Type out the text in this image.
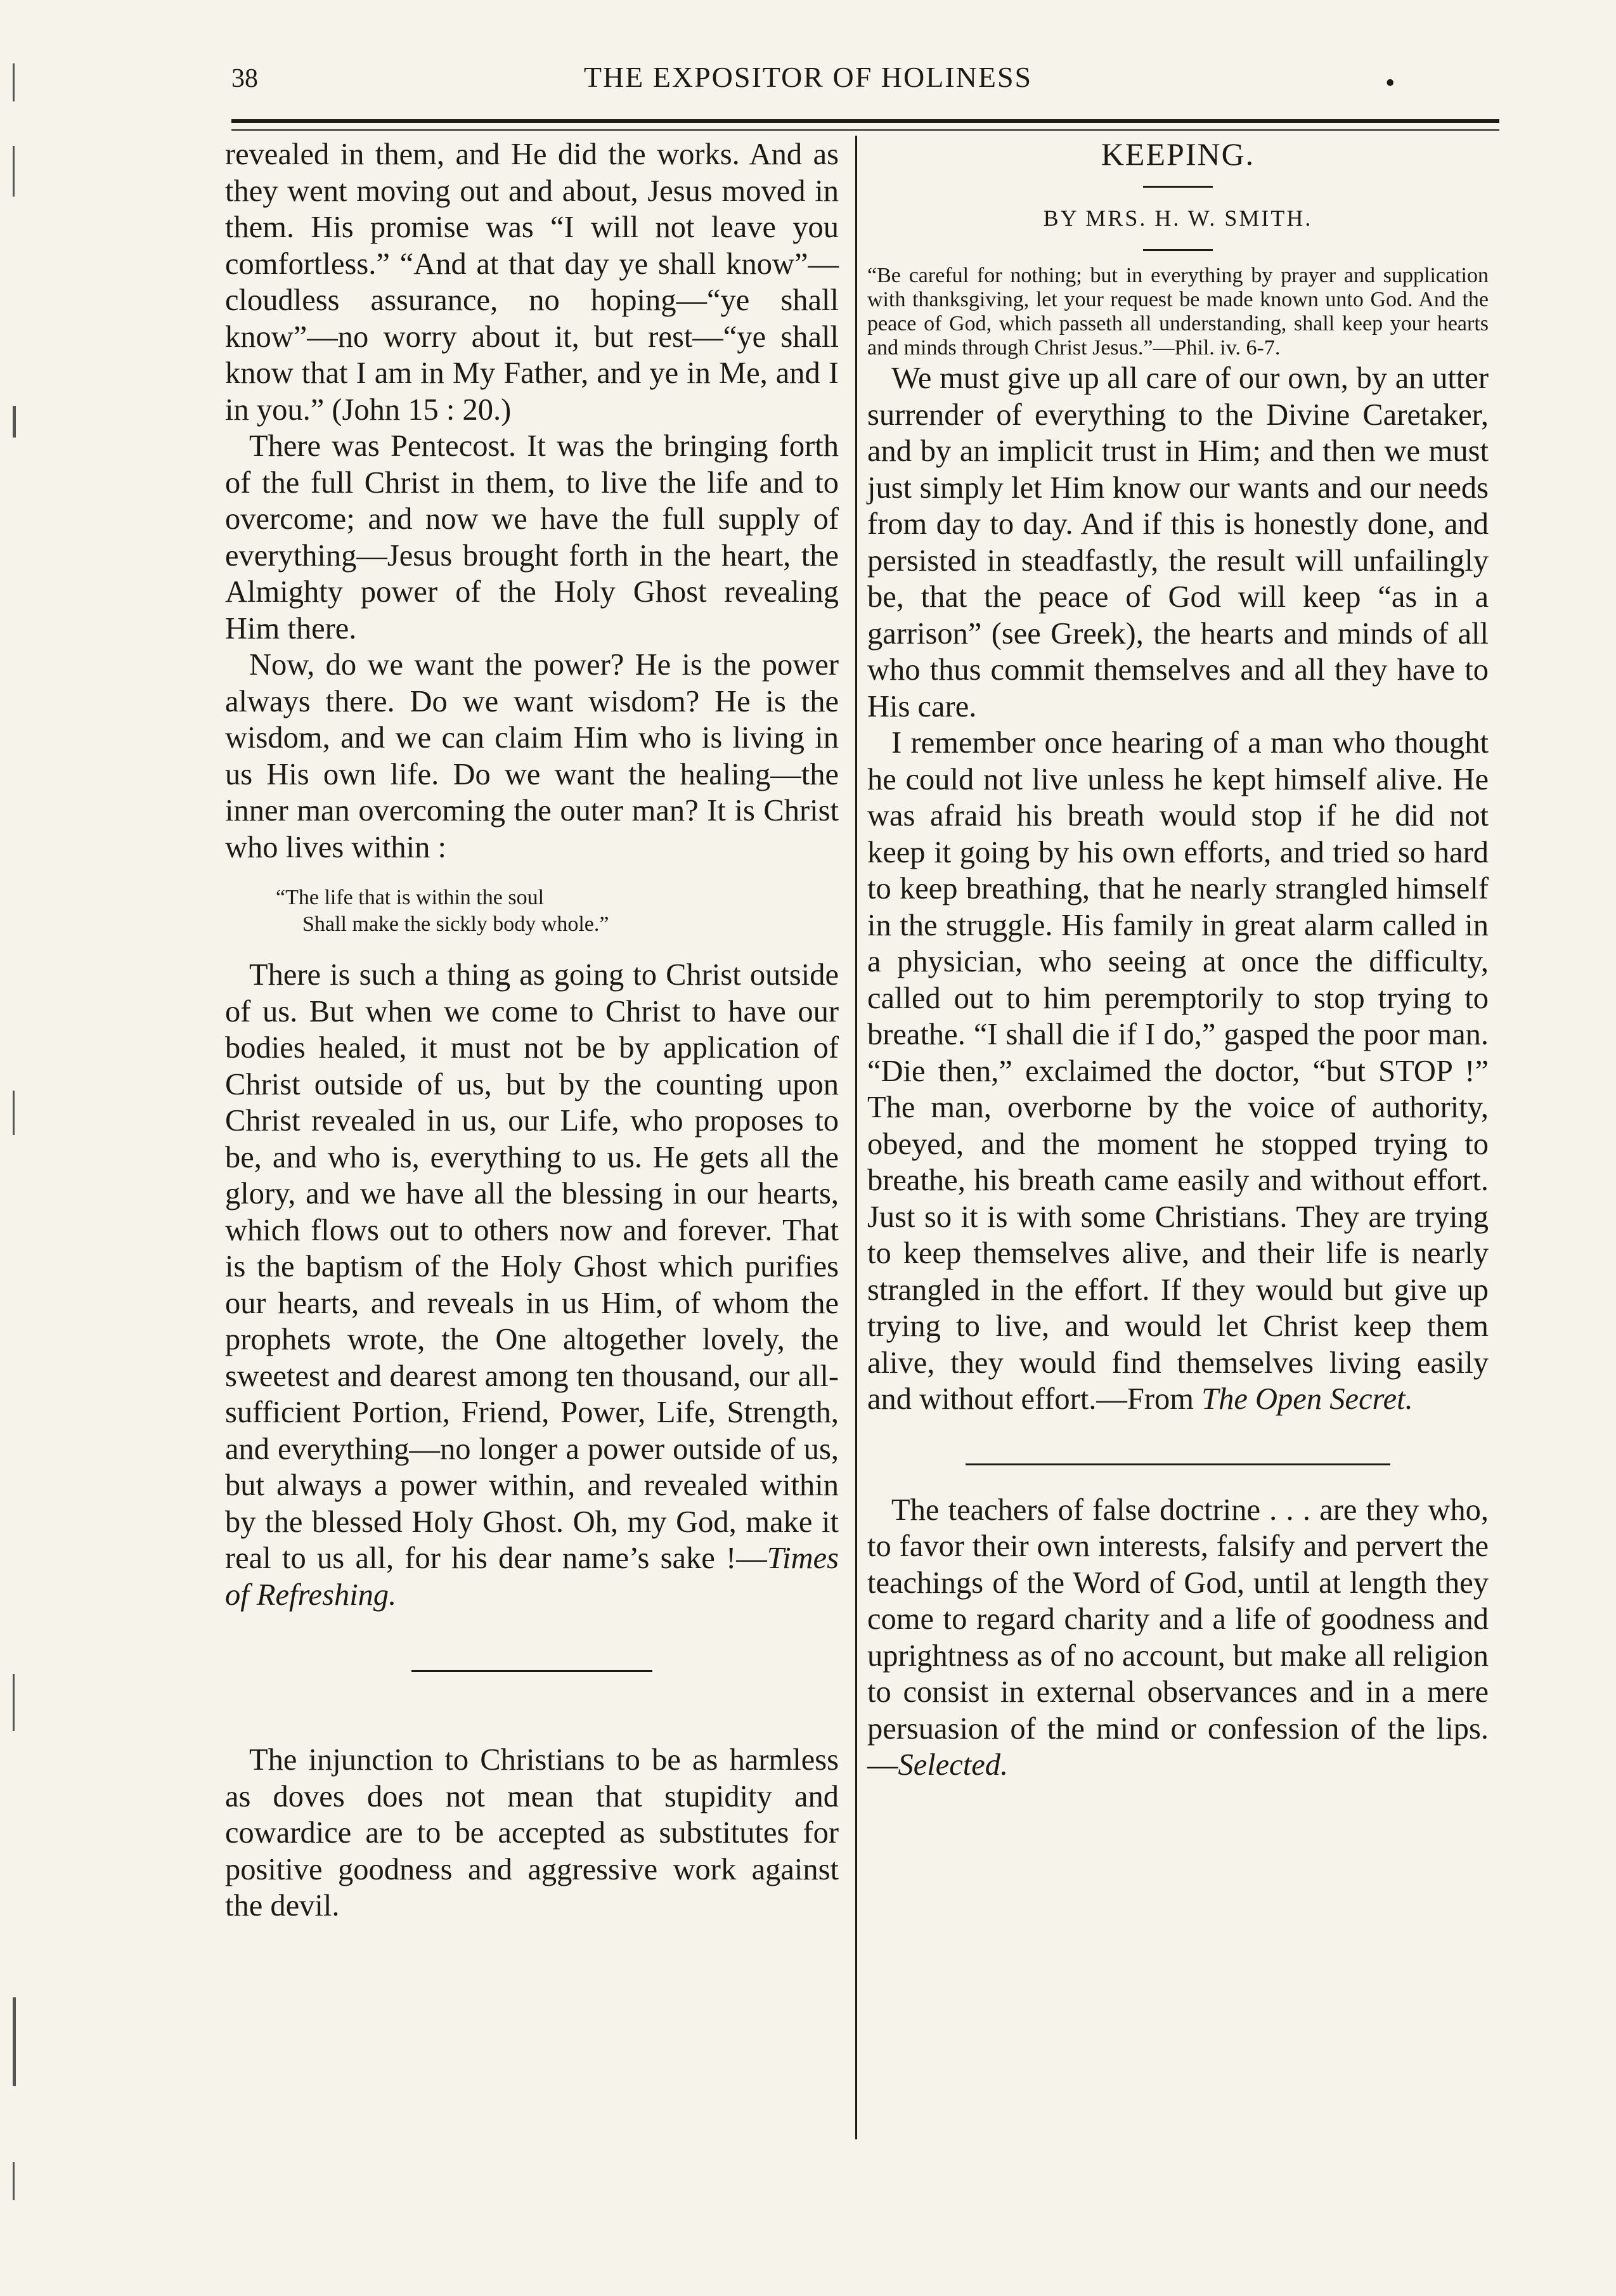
38	THE EXPOSITOR OF HOLINESS	•

revealed in them, and He did the works. And as they went moving out and about, Jesus moved in them. His promise was “I will not leave you comfortless.” “And at that day ye shall know”—cloudless assurance, no hoping—“ye shall know”—no worry about it, but rest—“ye shall know that I am in My Father, and ye in Me, and I in you.” (John 15 : 20.)

There was Pentecost. It was the bringing forth of the full Christ in them, to live the life and to overcome; and now we have the full supply of everything—Jesus brought forth in the heart, the Almighty power of the Holy Ghost revealing Him there.

Now, do we want the power? He is the power always there. Do we want wisdom? He is the wisdom, and we can claim Him who is living in us His own life. Do we want the healing—the inner man overcoming the outer man? It is Christ who lives within :

“The life that is within the soul
Shall make the sickly body whole.”

There is such a thing as going to Christ outside of us. But when we come to Christ to have our bodies healed, it must not be by application of Christ outside of us, but by the counting upon Christ revealed in us, our Life, who proposes to be, and who is, everything to us. He gets all the glory, and we have all the blessing in our hearts, which flows out to others now and forever. That is the baptism of the Holy Ghost which purifies our hearts, and reveals in us Him, of whom the prophets wrote, the One altogether lovely, the sweetest and dearest among ten thousand, our all-sufficient Portion, Friend, Power, Life, Strength, and everything—no longer a power outside of us, but always a power within, and revealed within by the blessed Holy Ghost. Oh, my God, make it real to us all, for his dear name’s sake !—Times of Refreshing.

The injunction to Christians to be as harmless as doves does not mean that stupidity and cowardice are to be accepted as substitutes for positive goodness and aggressive work against the devil.

KEEPING.

BY MRS. H. W. SMITH.

“Be careful for nothing; but in everything by prayer and supplication with thanksgiving, let your request be made known unto God. And the peace of God, which passeth all understanding, shall keep your hearts and minds through Christ Jesus.”—Phil. iv. 6-7.

We must give up all care of our own, by an utter surrender of everything to the Divine Caretaker, and by an implicit trust in Him; and then we must just simply let Him know our wants and our needs from day to day. And if this is honestly done, and persisted in steadfastly, the result will unfailingly be, that the peace of God will keep “as in a garrison” (see Greek), the hearts and minds of all who thus commit themselves and all they have to His care.

I remember once hearing of a man who thought he could not live unless he kept himself alive. He was afraid his breath would stop if he did not keep it going by his own efforts, and tried so hard to keep breathing, that he nearly strangled himself in the struggle. His family in great alarm called in a physician, who seeing at once the difficulty, called out to him peremptorily to stop trying to breathe. “I shall die if I do,” gasped the poor man. “Die then,” exclaimed the doctor, “but STOP !” The man, overborne by the voice of authority, obeyed, and the moment he stopped trying to breathe, his breath came easily and without effort. Just so it is with some Christians. They are trying to keep themselves alive, and their life is nearly strangled in the effort. If they would but give up trying to live, and would let Christ keep them alive, they would find themselves living easily and without effort.—From The Open Secret.

The teachers of false doctrine . . . are they who, to favor their own interests, falsify and pervert the teachings of the Word of God, until at length they come to regard charity and a life of goodness and uprightness as of no account, but make all religion to consist in external observances and in a mere persuasion of the mind or confession of the lips.—Selected.
